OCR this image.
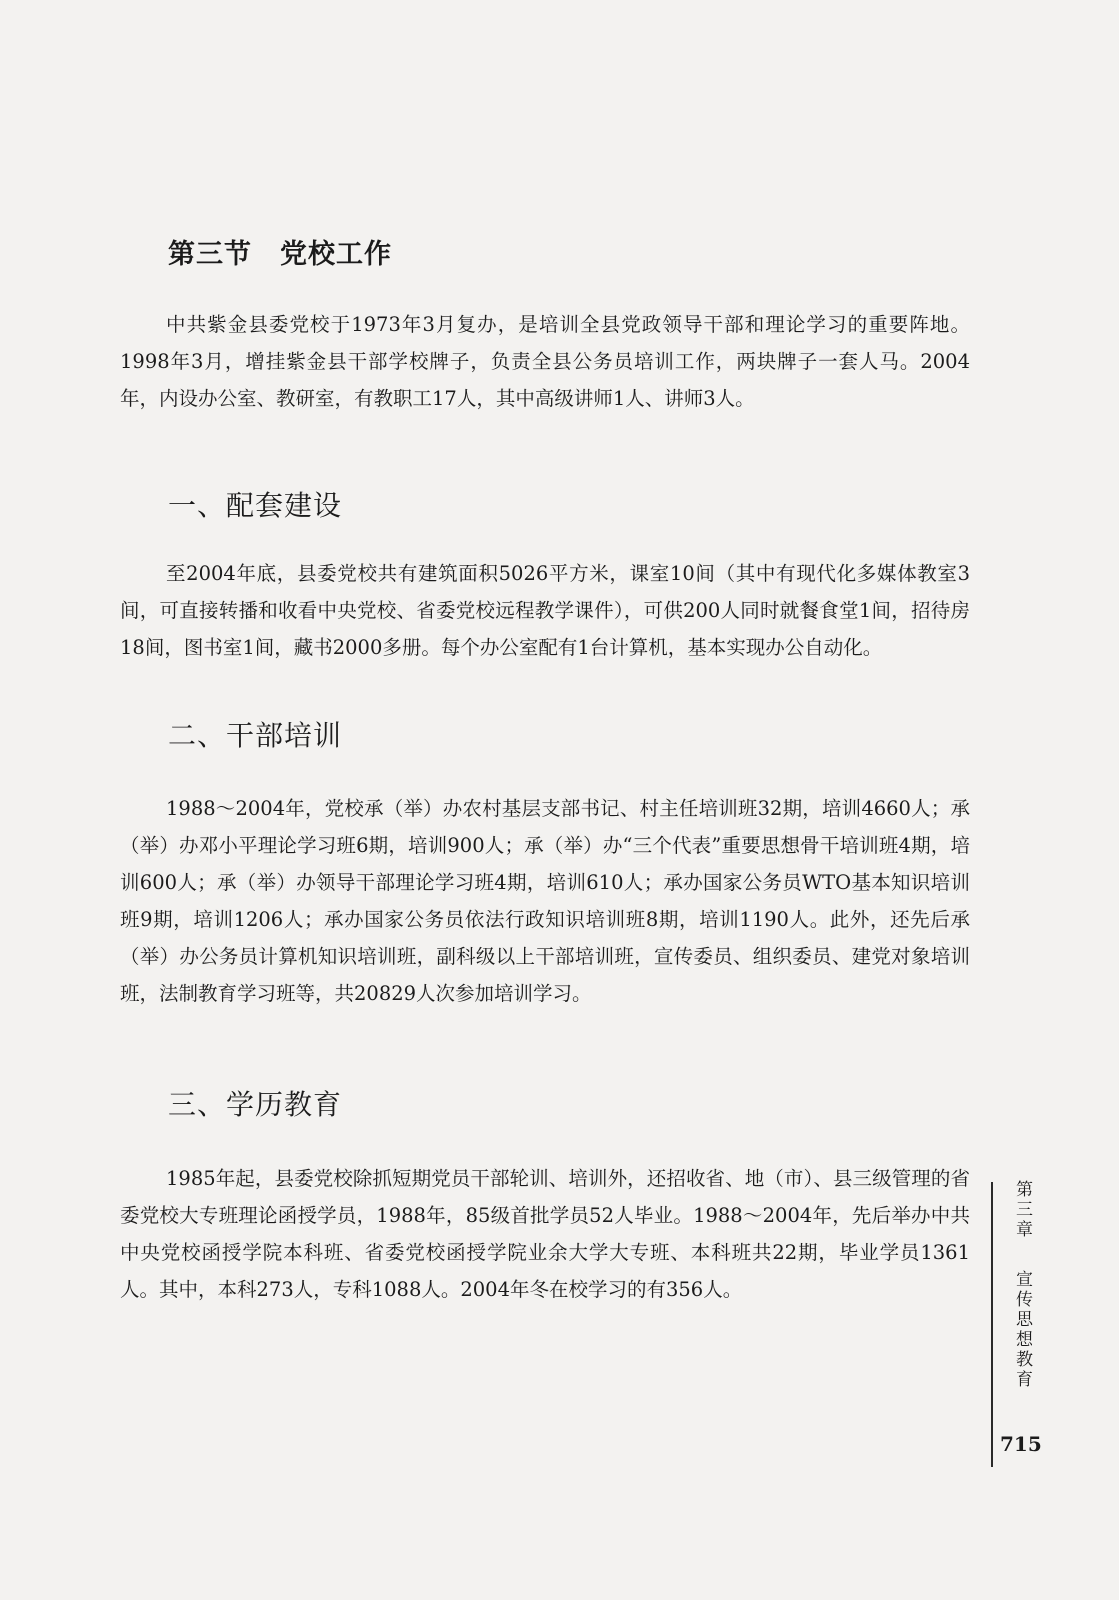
第三节　党校工作

中共紫金县委党校于1973年3月复办，是培训全县党政领导干部和理论学习的重要阵地。1998年3月，增挂紫金县干部学校牌子，负责全县公务员培训工作，两块牌子一套人马。2004年，内设办公室、教研室，有教职工17人，其中高级讲师1人、讲师3人。

一、配套建设

至2004年底，县委党校共有建筑面积5026平方米，课室10间（其中有现代化多媒体教室3间，可直接转播和收看中央党校、省委党校远程教学课件），可供200人同时就餐食堂1间，招待房18间，图书室1间，藏书2000多册。每个办公室配有1台计算机，基本实现办公自动化。

二、干部培训

1988～2004年，党校承（举）办农村基层支部书记、村主任培训班32期，培训4660人；承（举）办邓小平理论学习班6期，培训900人；承（举）办“三个代表”重要思想骨干培训班4期，培训600人；承（举）办领导干部理论学习班4期，培训610人；承办国家公务员WTO基本知识培训班9期，培训1206人；承办国家公务员依法行政知识培训班8期，培训1190人。此外，还先后承（举）办公务员计算机知识培训班，副科级以上干部培训班，宣传委员、组织委员、建党对象培训班，法制教育学习班等，共20829人次参加培训学习。

三、学历教育

1985年起，县委党校除抓短期党员干部轮训、培训外，还招收省、地（市）、县三级管理的省委党校大专班理论函授学员，1988年，85级首批学员52人毕业。1988～2004年，先后举办中共中央党校函授学院本科班、省委党校函授学院业余大学大专班、本科班共22期，毕业学员1361人。其中，本科273人，专科1088人。2004年冬在校学习的有356人。

第三章
宣传思想教育
715
